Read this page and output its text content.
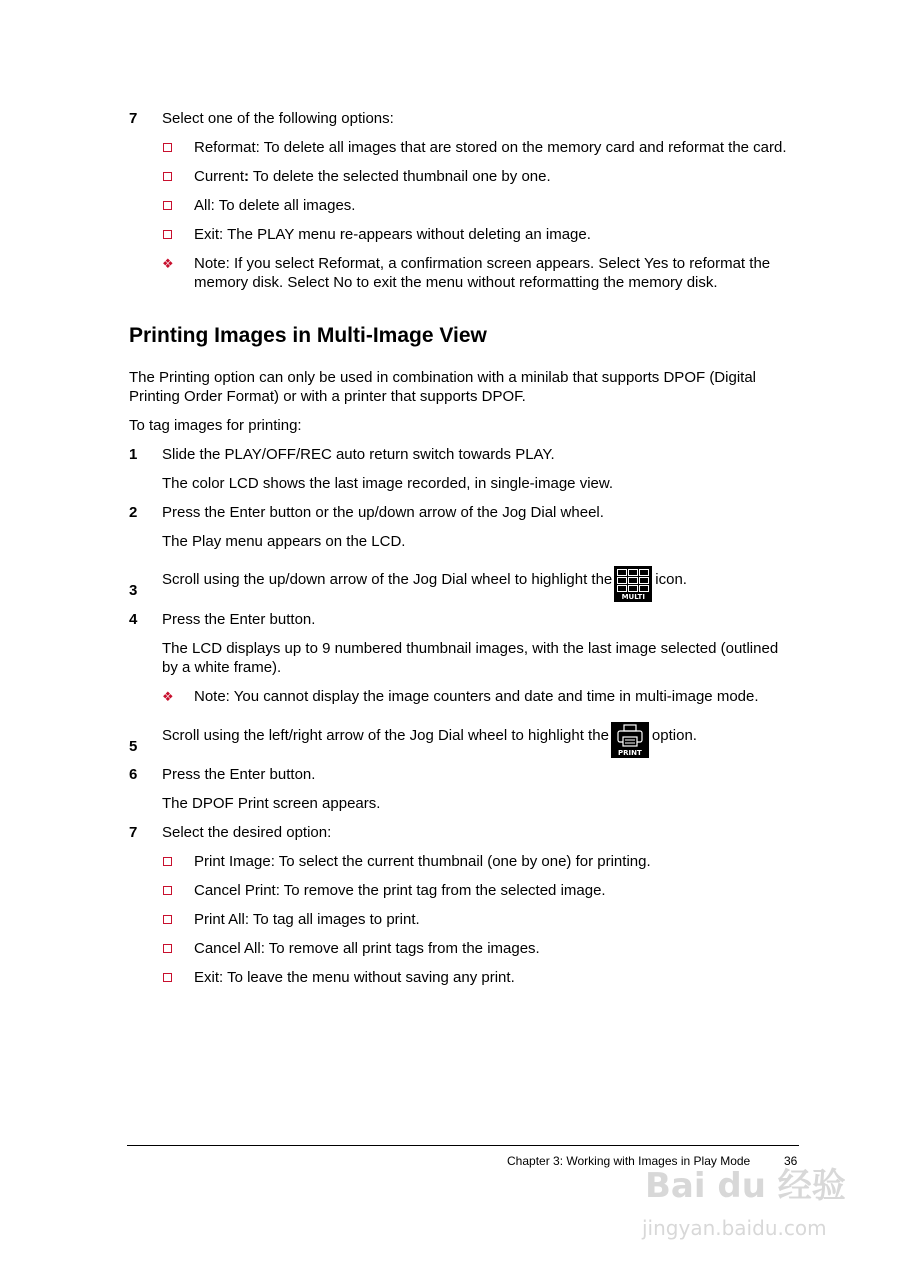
7 Select one of the following options:
Reformat: To delete all images that are stored on the memory card and reformat the card.
Current: To delete the selected thumbnail one by one.
All: To delete all images.
Exit: The PLAY menu re-appears without deleting an image.
❖ Note: If you select Reformat, a confirmation screen appears. Select Yes to reformat the
memory disk. Select No to exit the menu without reformatting the memory disk.
Printing Images in Multi-Image View
The Printing option can only be used in combination with a minilab that supports DPOF (Digital
Printing Order Format) or with a printer that supports DPOF.
To tag images for printing:
1 Slide the PLAY/OFF/REC auto return switch towards PLAY.
The color LCD shows the last image recorded, in single-image view.
2 Press the Enter button or the up/down arrow of the Jog Dial wheel.
The Play menu appears on the LCD.
3
Scroll using the up/down arrow of the Jog Dial wheel to highlight the
MULTI
icon.
4 Press the Enter button.
The LCD displays up to 9 numbered thumbnail images, with the last image selected (outlined
by a white frame).
❖ Note: You cannot display the image counters and date and time in multi-image mode.
5
Scroll using the left/right arrow of the Jog Dial wheel to highlight the
PRINT
option.
6 Press the Enter button.
The DPOF Print screen appears.
7 Select the desired option:
Print Image: To select the current thumbnail (one by one) for printing.
Cancel Print: To remove the print tag from the selected image.
Print All: To tag all images to print.
Cancel All: To remove all print tags from the images.
Exit: To leave the menu without saving any print.
Chapter 3: Working with Images in Play Mode	36
Bai du 经验
jingyan.baidu.com
